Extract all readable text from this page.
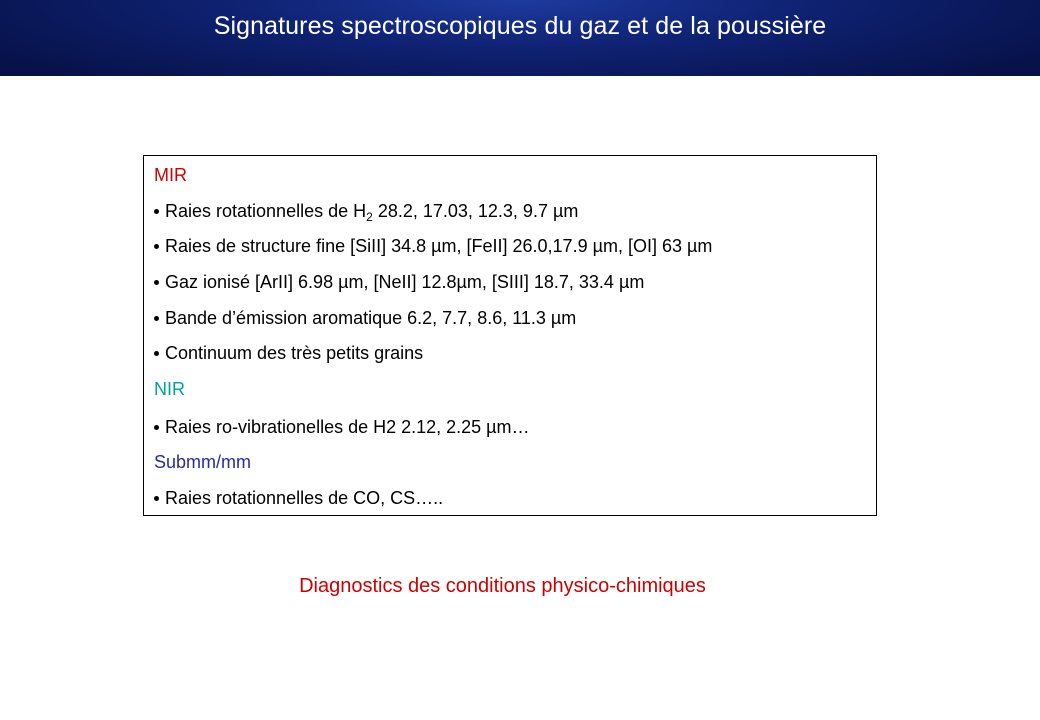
Signatures spectroscopiques du gaz et de la poussière
MIR
Raies rotationnelles de $H_2$ 28.2, 17.03, 12.3, 9.7 µm
Raies de structure fine [SiII] 34.8 µm, [FeII] 26.0,17.9 µm, [OI] 63 µm
Gaz ionisé [ArII] 6.98 µm, [NeII] 12.8µm, [SIII] 18.7, 33.4 µm
Bande d’émission aromatique 6.2, 7.7, 8.6, 11.3 µm
Continuum des très petits grains
NIR
Raies ro-vibrationelles de H2 2.12, 2.25 µm…
Submm/mm
Raies rotationnelles de CO, CS…..
Diagnostics des conditions physico-chimiques
